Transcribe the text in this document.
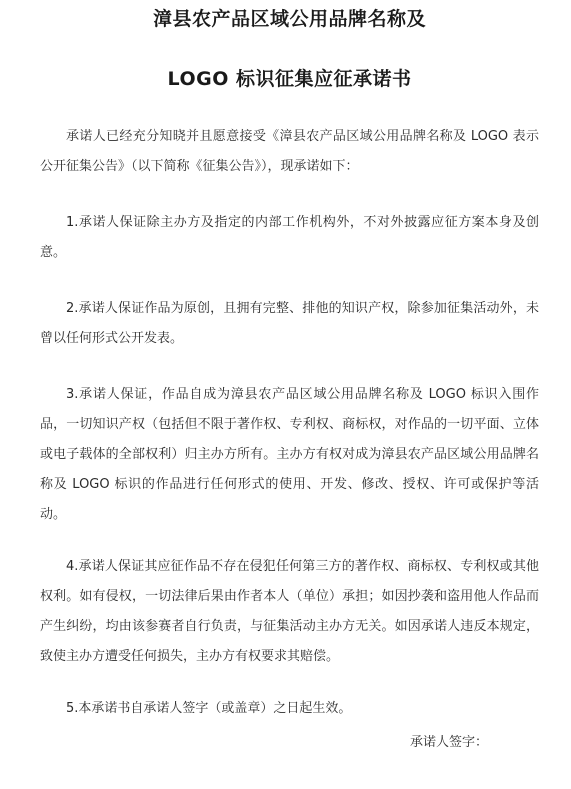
漳县农产品区域公用品牌名称及
LOGO 标识征集应征承诺书

承诺人已经充分知晓并且愿意接受《漳县农产品区域公用品牌名称及 LOGO 表示公开征集公告》（以下简称《征集公告》），现承诺如下：

1.承诺人保证除主办方及指定的内部工作机构外，不对外披露应征方案本身及创意。

2.承诺人保证作品为原创，且拥有完整、排他的知识产权，除参加征集活动外，未曾以任何形式公开发表。

3.承诺人保证，作品自成为漳县农产品区域公用品牌名称及 LOGO 标识入围作品，一切知识产权（包括但不限于著作权、专利权、商标权，对作品的一切平面、立体或电子载体的全部权利）归主办方所有。主办方有权对成为漳县农产品区域公用品牌名称及 LOGO 标识的作品进行任何形式的使用、开发、修改、授权、许可或保护等活动。

4.承诺人保证其应征作品不存在侵犯任何第三方的著作权、商标权、专利权或其他权利。如有侵权，一切法律后果由作者本人（单位）承担；如因抄袭和盗用他人作品而产生纠纷，均由该参赛者自行负责，与征集活动主办方无关。如因承诺人违反本规定，致使主办方遭受任何损失，主办方有权要求其赔偿。

5.本承诺书自承诺人签字（或盖章）之日起生效。

承诺人签字：
